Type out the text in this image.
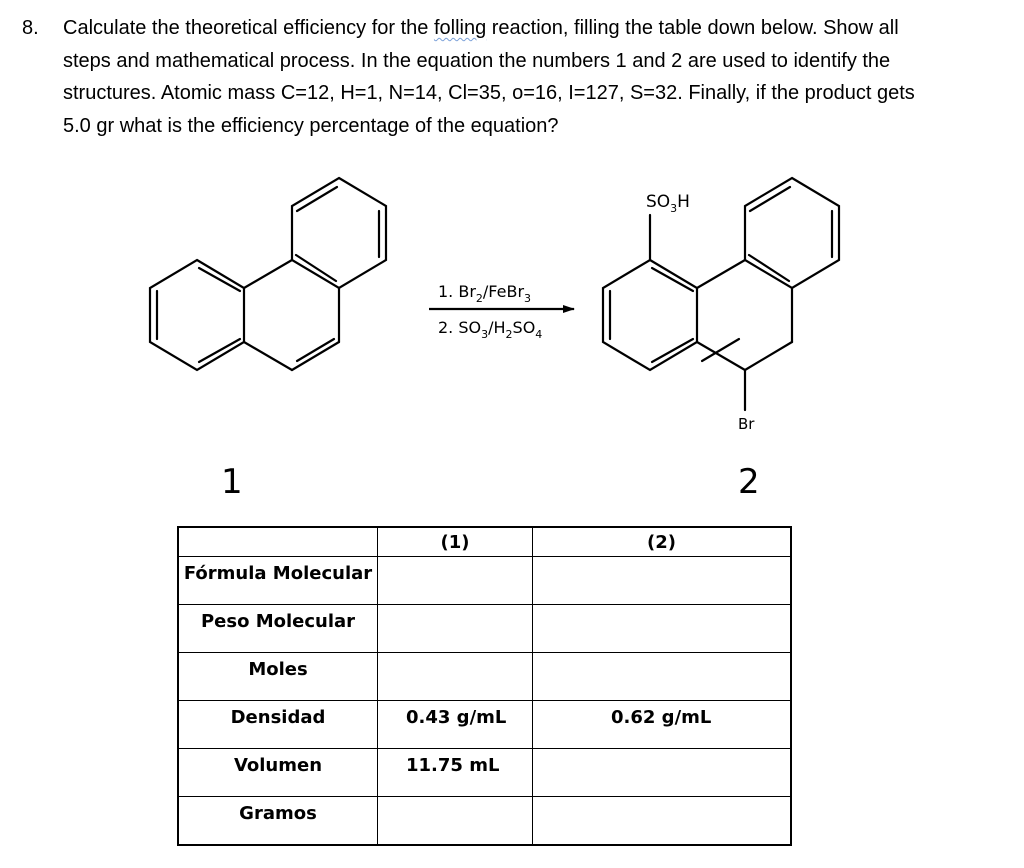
8. Calculate the theoretical efficiency for the folling reaction, filling the table down below. Show all
steps and mathematical process. In the equation the numbers 1 and 2 are used to identify the
structures. Atomic mass C=12, H=1, N=14, Cl=35, o=16, I=127, S=32. Finally, if the product gets
5.0 gr what is the efficiency percentage of the equation?
1. $Br_2/FeBr_3$
2. $SO_3/H_2SO_4$
$SO_3H$
Br
1	2
	(1)	(2)

Fórmula Molecular		

Peso Molecular		

Moles		

Densidad	0.43 g/mL	0.62 g/mL

Volumen	11.75 mL	

Gramos		
